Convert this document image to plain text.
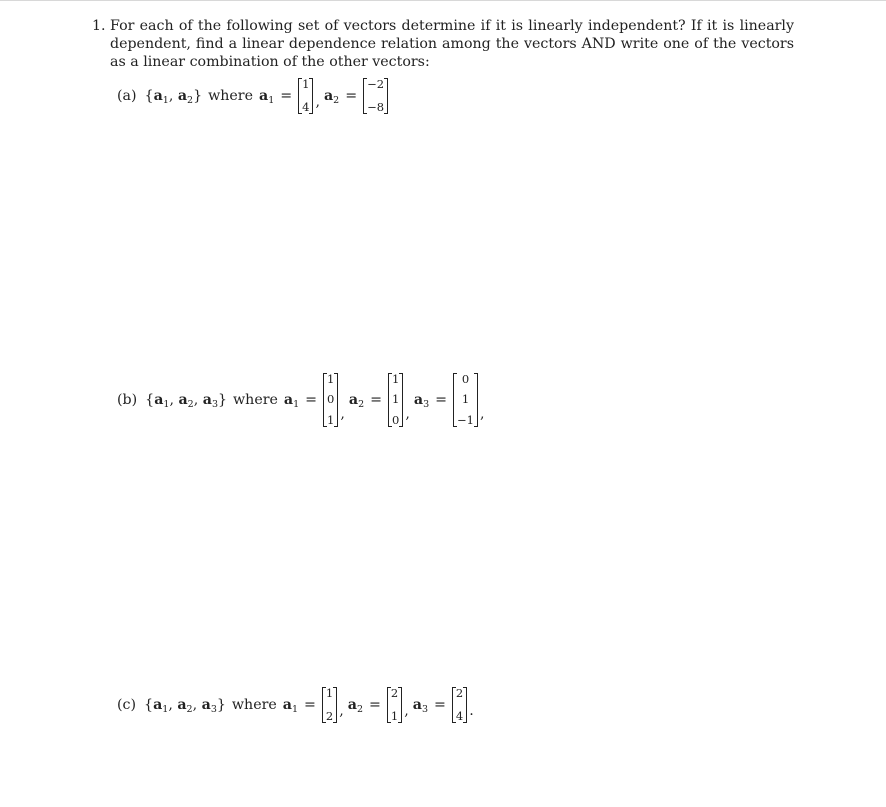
1. For each of the following set of vectors determine if it is linearly independent? If it is linearly dependent, find a linear dependence relation among the vectors AND write one of the vectors as a linear combination of the other vectors:
(a) {$a_1$, $a_2$} where $a_1$ =
1
4 , $a_2$ =
−2
−8
(b) {$a_1$, $a_2$, $a_3$} where $a_1$ =
1
0
1 ,
$a_2$ =
1
1
0 ,
$a_3$ =
0
1
−1 ,
(c) {$a_1$, $a_2$, $a_3$} where $a_1$ =
1
2 , $a_2$ =
2
1 , $a_3$ =
2
4 .
